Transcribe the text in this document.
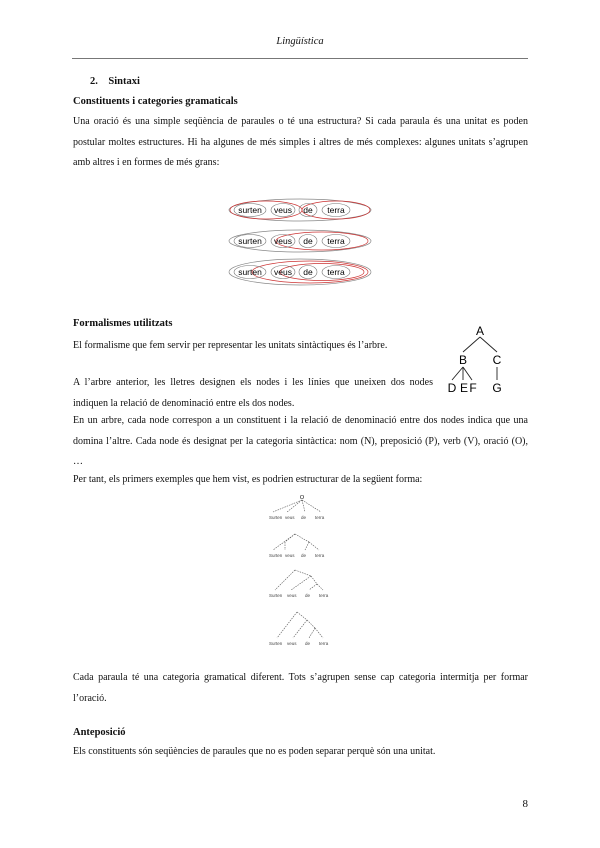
Lingüística
2. Sintaxi
Constituents i categories gramaticals
Una oració és una simple seqüència de paraules o té una estructura? Si cada paraula és una unitat es poden postular moltes estructures. Hi ha algunes de més simples i altres de més complexes: algunes unitats s’agrupen amb altres i en formes de més grans:
surten veus de terra
surten veus de terra
surten veus de terra
Formalismes utilitzats
El formalisme que fem servir per representar les unitats sintàctiques és l’arbre.
A l’arbre anterior, les lletres designen els nodes i les línies que uneixen dos nodes indiquen la relació de denominació entre els dos nodes.
A
B C
D E F G
En un arbre, cada node correspon a un constituent i la relació de denominació entre dos nodes indica que una domina l’altre. Cada node és designat per la categoria sintàctica: nom (N), preposició (P), verb (V), oració (O), …
Per tant, els primers exemples que hem vist, es podrien estructurar de la següent forma:
O
Surten veus de terra
Surten veus de terra
Surten veus de terra
Surten veus de terra
Cada paraula té una categoria gramatical diferent. Tots s’agrupen sense cap categoria intermitja per formar l’oració.
Anteposició
Els constituents són seqüències de paraules que no es poden separar perquè són una unitat.
8
